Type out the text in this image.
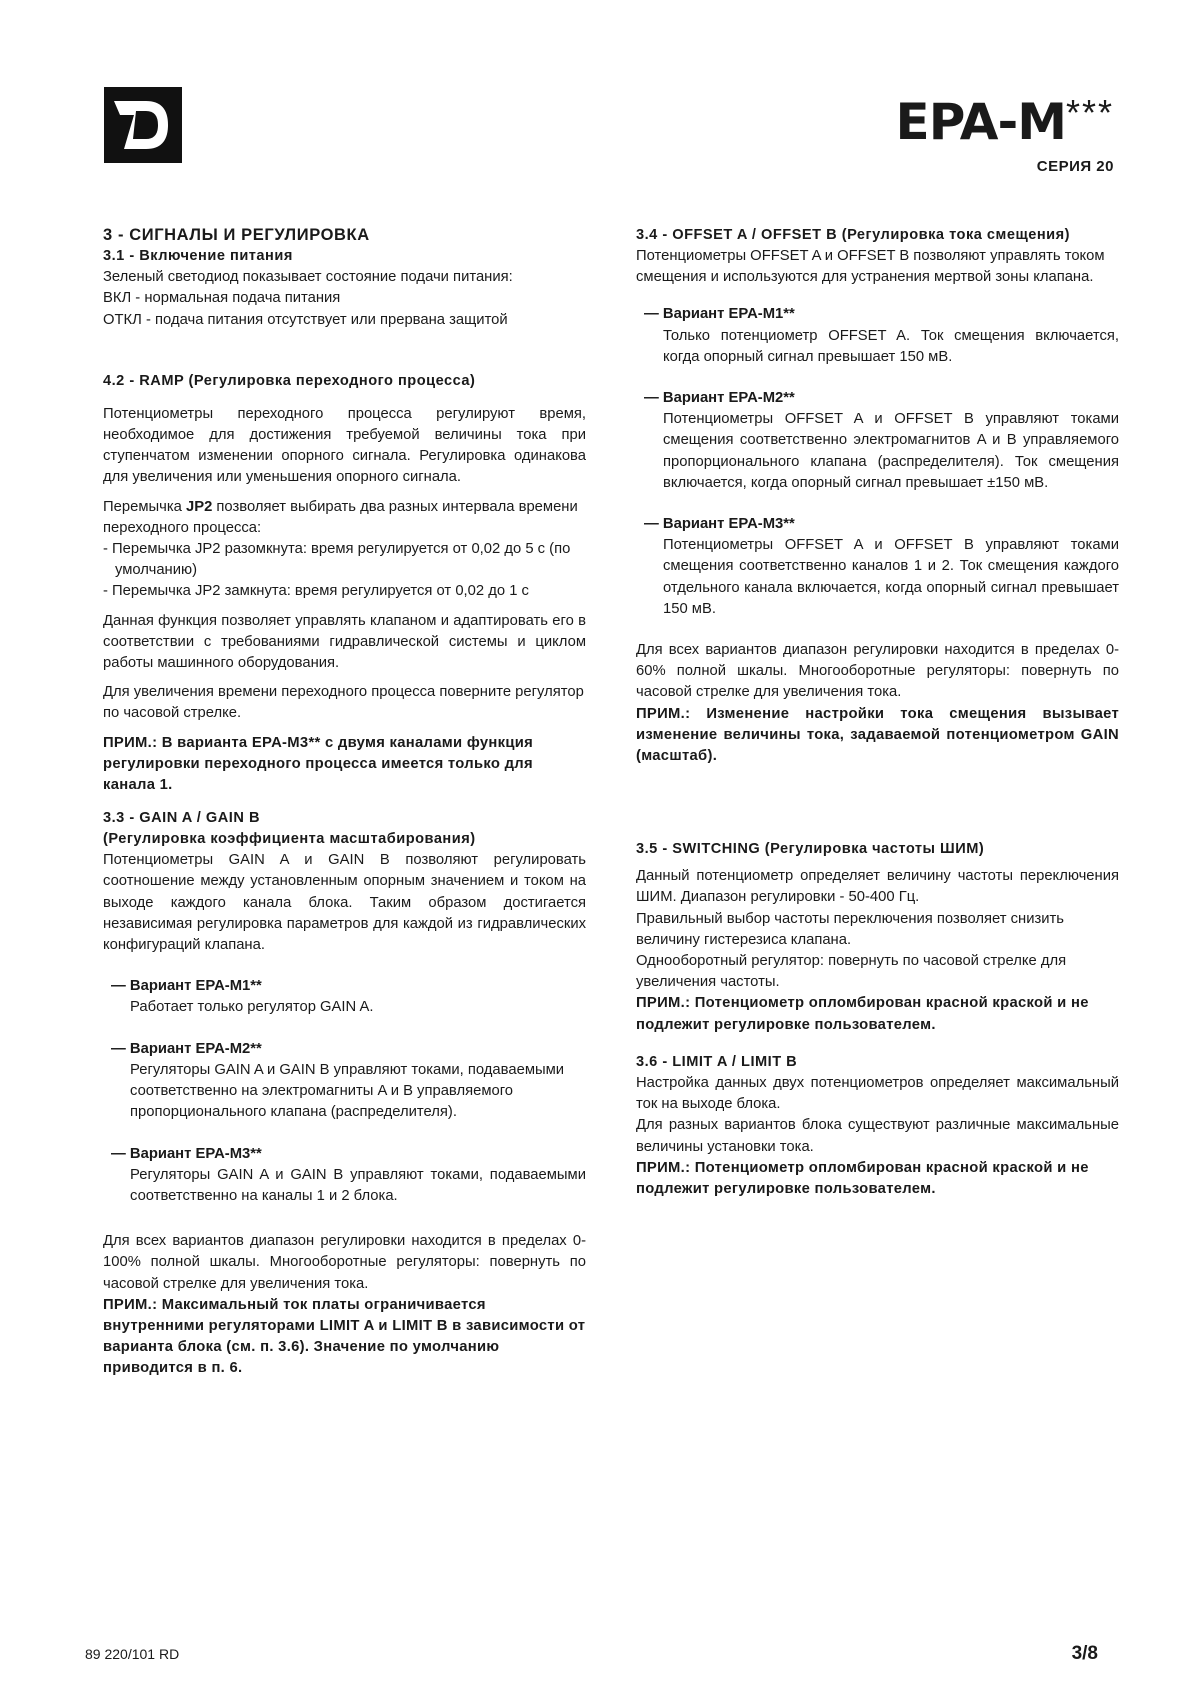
EPA-M***
СЕРИЯ 20

3 - СИГНАЛЫ И РЕГУЛИРОВКА

3.1 - Включение питания

Зеленый светодиод показывает состояние подачи питания:

ВКЛ - нормальная подача питания

ОТКЛ - подача питания отсутствует или прервана защитой

4.2 - RAMP (Регулировка переходного процесса)

Потенциометры переходного процесса регулируют время, необходимое для достижения требуемой величины тока при ступенчатом изменении опорного сигнала. Регулировка одинакова для увеличения или уменьшения опорного сигнала.

Перемычка JP2 позволяет выбирать два разных интервала времени переходного процесса:

- Перемычка JP2 разомкнута: время регулируется от 0,02 до 5 с (по умолчанию)

- Перемычка JP2 замкнута: время регулируется от 0,02 до 1 с

Данная функция позволяет управлять клапаном и адаптировать его в соответствии с требованиями гидравлической системы и циклом работы машинного оборудования.

Для увеличения времени переходного процесса поверните регулятор по часовой стрелке.

ПРИМ.: В варианта EPA-M3** с двумя каналами функция регулировки переходного процесса имеется только для канала 1.

3.3 - GAIN A / GAIN B

(Регулировка коэффициента масштабирования)

Потенциометры GAIN A и GAIN B позволяют регулировать соотношение между установленным опорным значением и током на выходе каждого канала блока. Таким образом достигается независимая регулировка параметров для каждой из гидравлических конфигураций клапана.

— Вариант EPA-M1**

Работает только регулятор GAIN A.

— Вариант EPA-M2**

Регуляторы GAIN A и GAIN B управляют токами, подаваемыми соответственно на электромагниты A и B управляемого пропорционального клапана (распределителя).

— Вариант EPA-M3**

Регуляторы GAIN A и GAIN B управляют токами, подаваемыми соответственно на каналы 1 и 2 блока.

Для всех вариантов диапазон регулировки находится в пределах 0-100% полной шкалы. Многооборотные регуляторы: повернуть по часовой стрелке для увеличения тока.

ПРИМ.: Максимальный ток платы ограничивается внутренними регуляторами LIMIT A и LIMIT B в зависимости от варианта блока (см. п. 3.6). Значение по умолчанию приводится в п. 6.

3.4 - OFFSET A / OFFSET B (Регулировка тока смещения)

Потенциометры OFFSET A и OFFSET B позволяют управлять током смещения и используются для устранения мертвой зоны клапана.

— Вариант EPA-M1**

Только потенциометр OFFSET A. Ток смещения включается, когда опорный сигнал превышает 150 мВ.

— Вариант EPA-M2**

Потенциометры OFFSET A и OFFSET B управляют токами смещения соответственно электромагнитов A и B управляемого пропорционального клапана (распределителя). Ток смещения включается, когда опорный сигнал превышает ±150 мВ.

— Вариант EPA-M3**

Потенциометры OFFSET A и OFFSET B управляют токами смещения соответственно каналов 1 и 2. Ток смещения каждого отдельного канала включается, когда опорный сигнал превышает 150 мВ.

Для всех вариантов диапазон регулировки находится в пределах 0-60% полной шкалы. Многооборотные регуляторы: повернуть по часовой стрелке для увеличения тока.

ПРИМ.: Изменение настройки тока смещения вызывает изменение величины тока, задаваемой потенциометром GAIN (масштаб).

3.5 - SWITCHING (Регулировка частоты ШИМ)

Данный потенциометр определяет величину частоты переключения ШИМ. Диапазон регулировки - 50-400 Гц.

Правильный выбор частоты переключения позволяет снизить величину гистерезиса клапана.

Однооборотный регулятор: повернуть по часовой стрелке для увеличения частоты.

ПРИМ.: Потенциометр опломбирован красной краской и не подлежит регулировке пользователем.

3.6 - LIMIT A / LIMIT B

Настройка данных двух потенциометров определяет максимальный ток на выходе блока.

Для разных вариантов блока существуют различные максимальные величины установки тока.

ПРИМ.: Потенциометр опломбирован красной краской и не подлежит регулировке пользователем.

89 220/101 RD	3/8
